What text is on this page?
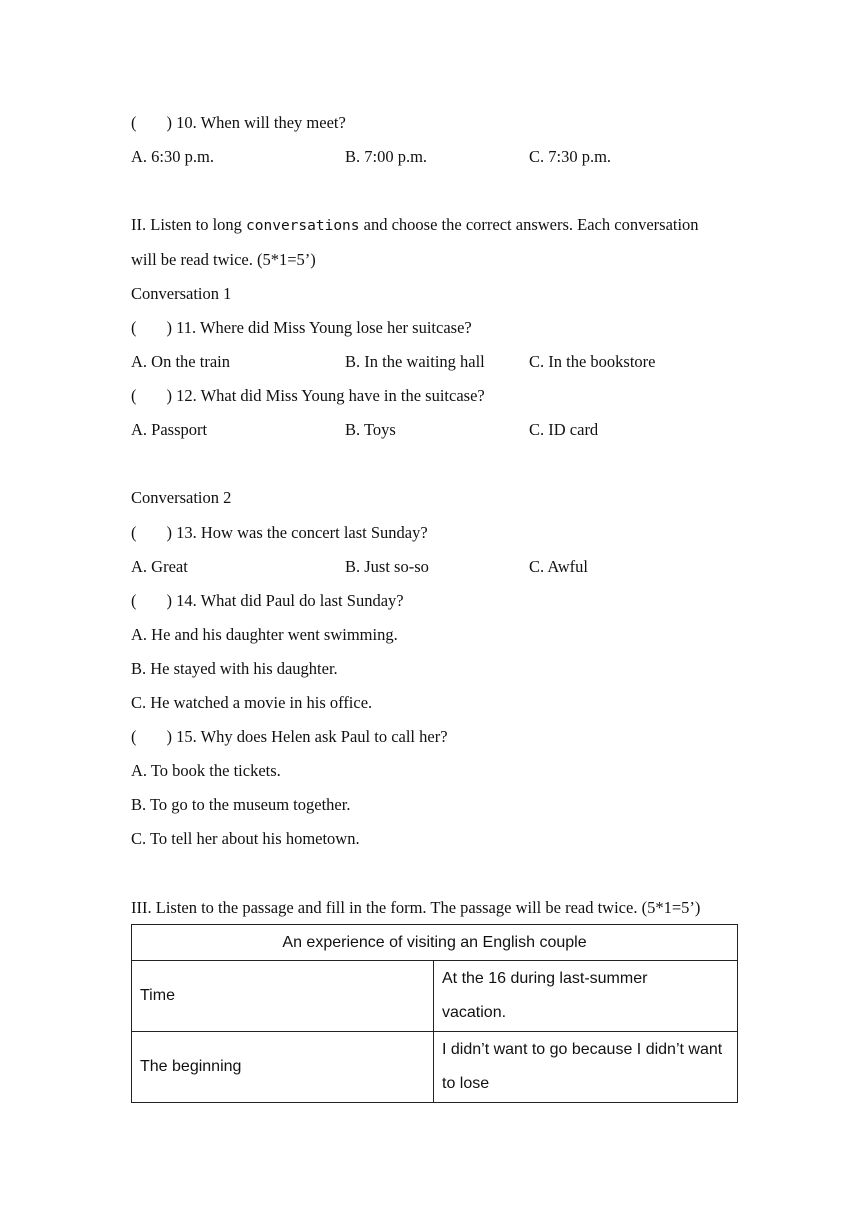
( ) 10. When will they meet?
A. 6:30 p.m.	B. 7:00 p.m.	C. 7:30 p.m.
II. Listen to long conversations and choose the correct answers. Each conversation
will be read twice. (5*1=5’)
Conversation 1
( ) 11. Where did Miss Young lose her suitcase?
A. On the train	B. In the waiting hall	C. In the bookstore
( ) 12. What did Miss Young have in the suitcase?
A. Passport	B. Toys	C. ID card
Conversation 2
( ) 13. How was the concert last Sunday?
A. Great	B. Just so-so	C. Awful
( ) 14. What did Paul do last Sunday?
A. He and his daughter went swimming.
B. He stayed with his daughter.
C. He watched a movie in his office.
( ) 15. Why does Helen ask Paul to call her?
A. To book the tickets.
B. To go to the museum together.
C. To tell her about his hometown.
III. Listen to the passage and fill in the form. The passage will be read twice. (5*1=5’)
An experience of visiting an English couple	
Time	At the 16 during last-summer
vacation.

The beginning	I didn’t want to go because I didn’t want
to lose
